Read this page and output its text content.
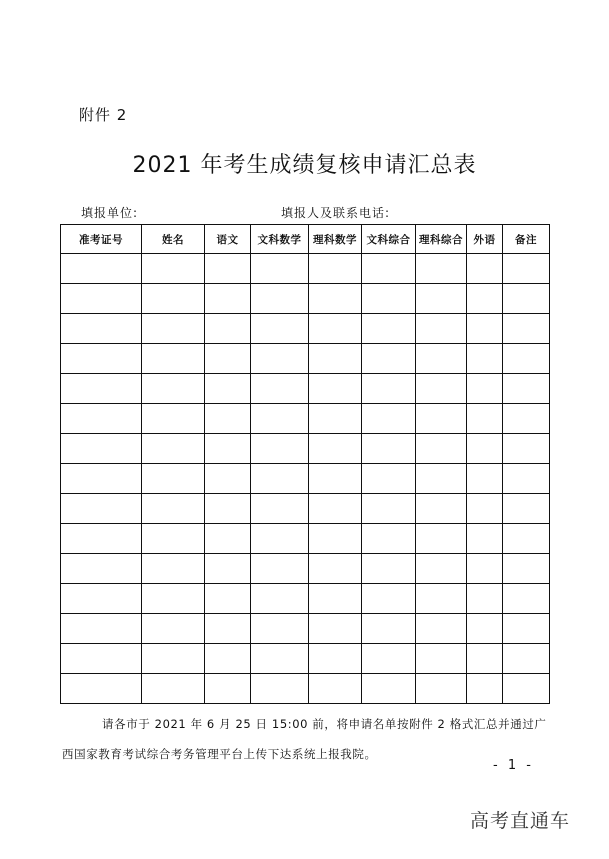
附件 2
2021 年考生成绩复核申请汇总表
填报单位:	填报人及联系电话:
准考证号	姓名	语文	文科数学	理科数学	文科综合	理科综合	外语	备注

请各市于 2021 年 6 月 25 日 15:00 前，将申请名单按附件 2 格式汇总并通过广西国家教育考试综合考务管理平台上传下达系统上报我院。
- 1 -
高考直通车
